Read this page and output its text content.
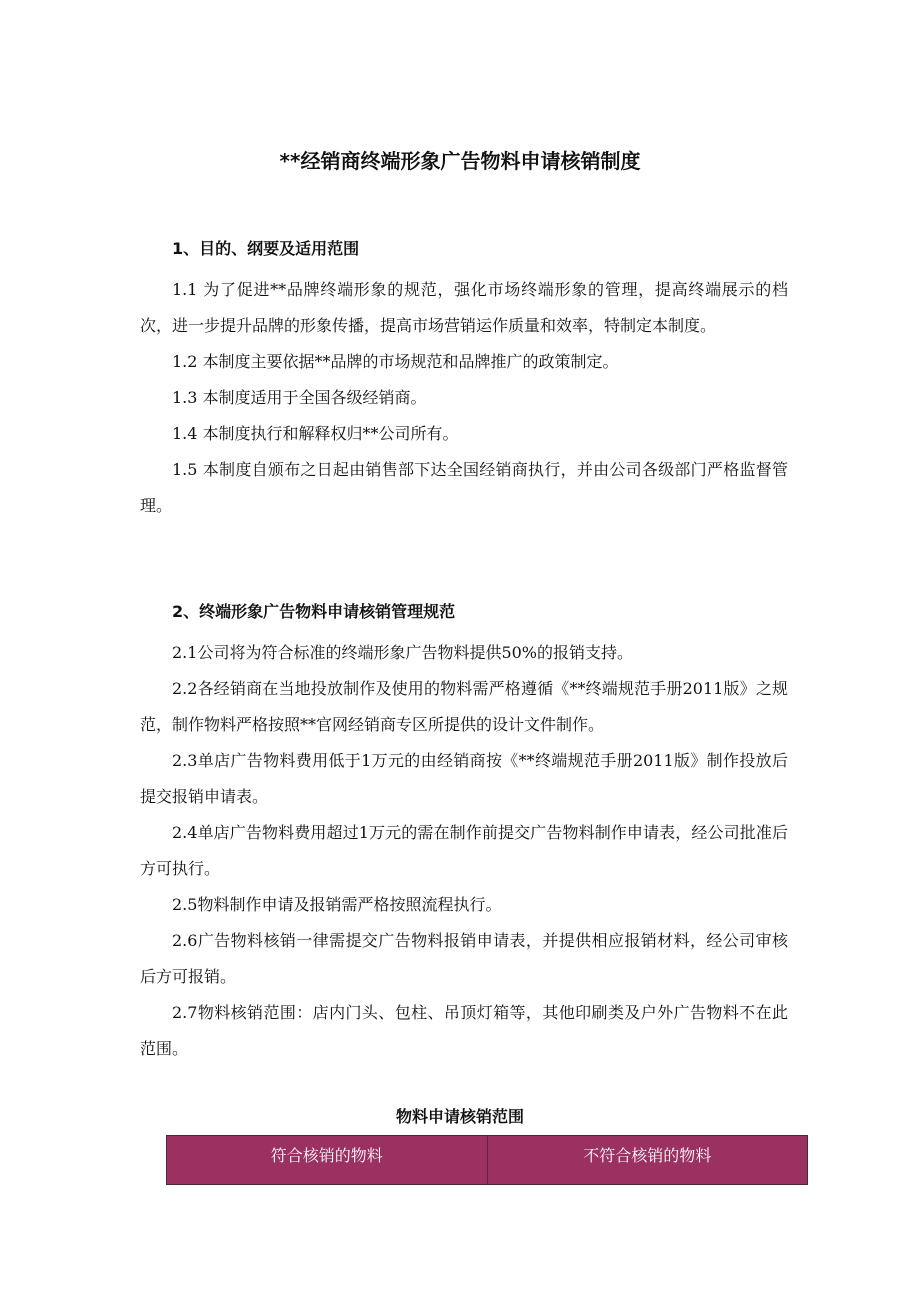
**经销商终端形象广告物料申请核销制度
1、目的、纲要及适用范围

1.1 为了促进**品牌终端形象的规范，强化市场终端形象的管理，提高终端展示的档次，进一步提升品牌的形象传播，提高市场营销运作质量和效率，特制定本制度。

1.2 本制度主要依据**品牌的市场规范和品牌推广的政策制定。

1.3 本制度适用于全国各级经销商。

1.4 本制度执行和解释权归**公司所有。

1.5 本制度自颁布之日起由销售部下达全国经销商执行，并由公司各级部门严格监督管理。

2、终端形象广告物料申请核销管理规范

2.1公司将为符合标准的终端形象广告物料提供50%的报销支持。

2.2各经销商在当地投放制作及使用的物料需严格遵循《**终端规范手册2011版》之规范，制作物料严格按照**官网经销商专区所提供的设计文件制作。

2.3单店广告物料费用低于1万元的由经销商按《**终端规范手册2011版》制作投放后提交报销申请表。

2.4单店广告物料费用超过1万元的需在制作前提交广告物料制作申请表，经公司批准后方可执行。

2.5物料制作申请及报销需严格按照流程执行。

2.6广告物料核销一律需提交广告物料报销申请表，并提供相应报销材料，经公司审核后方可报销。

2.7物料核销范围：店内门头、包柱、吊顶灯箱等，其他印刷类及户外广告物料不在此范围。

物料申请核销范围
符合核销的物料	不符合核销的物料
